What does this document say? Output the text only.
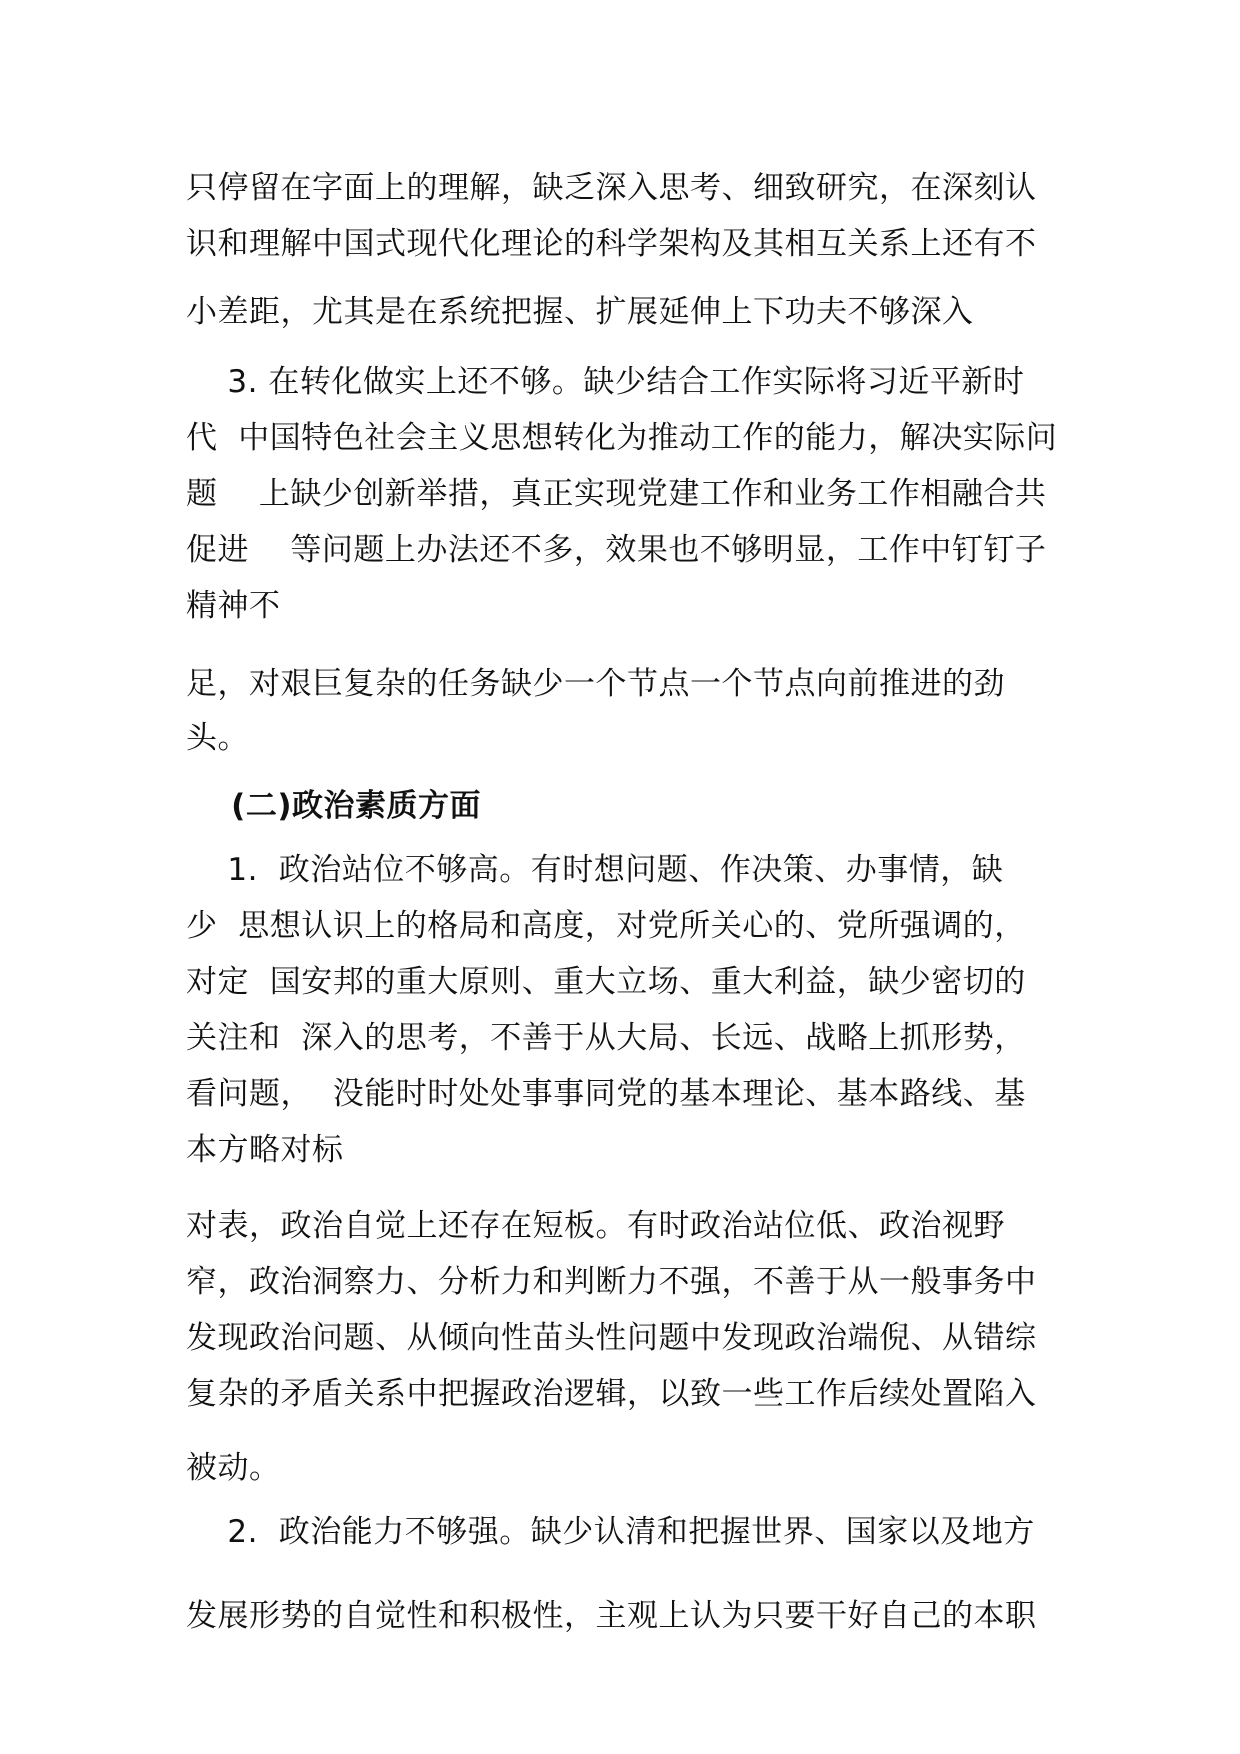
只停留在字面上的理解，缺乏深入思考、细致研究，在深刻认
识和理解中国式现代化理论的科学架构及其相互关系上还有不
小差距，尤其是在系统把握、扩展延伸上下功夫不够深入
3. 在转化做实上还不够。缺少结合工作实际将习近平新时
代  中国特色社会主义思想转化为推动工作的能力，解决实际问
题    上缺少创新举措，真正实现党建工作和业务工作相融合共
促进    等问题上办法还不多，效果也不够明显，工作中钉钉子
精神不
足，对艰巨复杂的任务缺少一个节点一个节点向前推进的劲
头。
(二)政治素质方面
1.  政治站位不够高。有时想问题、作决策、办事情，缺
少  思想认识上的格局和高度，对党所关心的、党所强调的，
对定  国安邦的重大原则、重大立场、重大利益，缺少密切的
关注和  深入的思考，不善于从大局、长远、战略上抓形势，
看问题，  没能时时处处事事同党的基本理论、基本路线、基
本方略对标
对表，政治自觉上还存在短板。有时政治站位低、政治视野
窄，政治洞察力、分析力和判断力不强，不善于从一般事务中
发现政治问题、从倾向性苗头性问题中发现政治端倪、从错综
复杂的矛盾关系中把握政治逻辑，以致一些工作后续处置陷入
被动。
2.  政治能力不够强。缺少认清和把握世界、国家以及地方
发展形势的自觉性和积极性，主观上认为只要干好自己的本职
